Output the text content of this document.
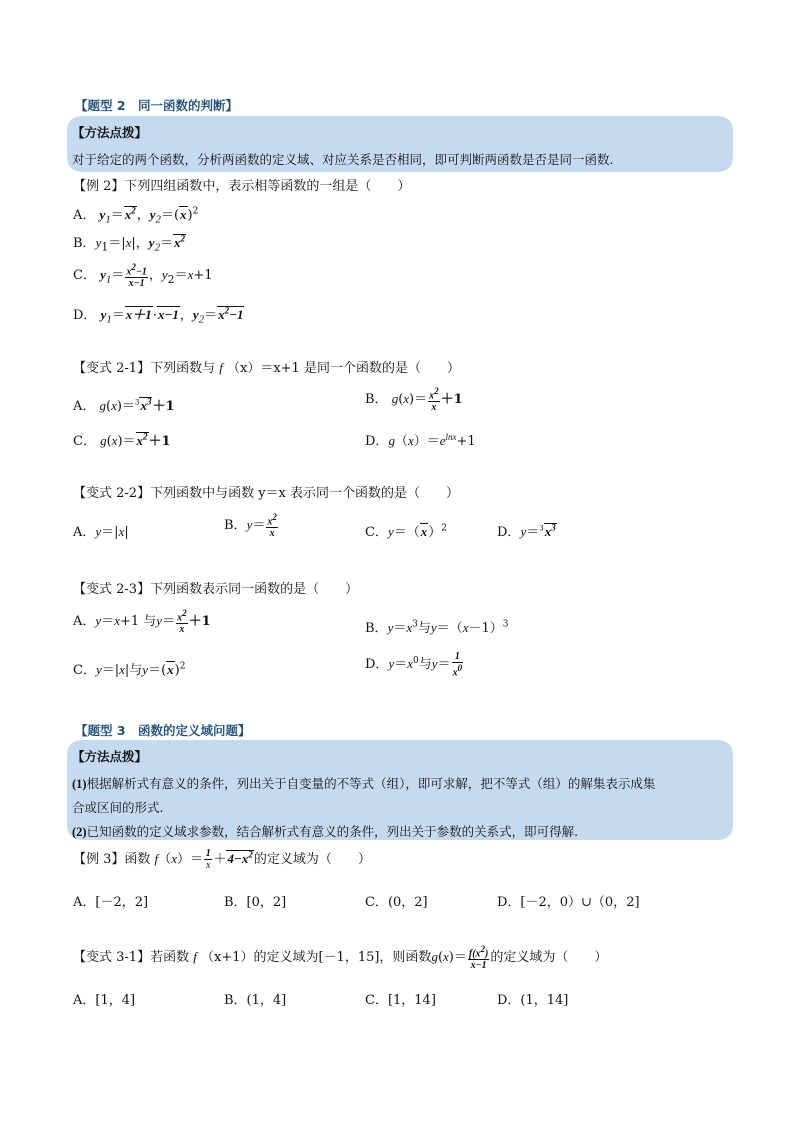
【题型 2　同一函数的判断】
【方法点拨】
对于给定的两个函数，分析两函数的定义域、对应关系是否相同，即可判断两函数是否是同一函数.
【例 2】下列四组函数中，表示相等函数的一组是（　　）
A． $y_1=x^2$，$y_2=(x)^2$
B．$y_1=|x|$，$y_2=x^2$
C． $y_1= \frac{x^2-1}{x-1}$ ，$y_2=x+1$
D． $y_1=x+1\cdot x-1$，$y_2=x^2-1$
【变式 2-1】下列函数与 f （x）＝x+1 是同一个函数的是（　　）
A． $g(x)=^3x^3+1$	B． $g(x)= \frac{x^2}{x} +1$
C． $g(x)=x^2+1$	D．$g(x)=e^{lnx}+1$
【变式 2-2】下列函数中与函数 y＝x 表示同一个函数的是（　　）
A．y＝|x|	B．$y= \frac{x^2}{x}$	C．$y=(x)^2$	D．$y=^3x^3$
【变式 2-3】下列函数表示同一函数的是（　　）
A．y＝x+1 与$y= \frac{x^2}{x} +1$	B．$y=x^3$与$y=(x-1)^3$
C．y＝|x|与$y=(x)^2$	D．$y=x^0$与$y= \frac{1}{x^0}$
【题型 3　函数的定义域问题】
【方法点拨】
(1)根据解析式有意义的条件，列出关于自变量的不等式（组），即可求解，把不等式（组）的解集表示成集
合或区间的形式.
(2)已知函数的定义域求参数，结合解析式有意义的条件，列出关于参数的关系式，即可得解.
【例 3】函数 $f(x)= \frac{1}{x} +4-x^2$的定义域为（　　）
A．[－2，2]	B．[0，2]	C．(0，2]	D．[－2，0）∪（0，2]
【变式 3-1】若函数 f （x+1）的定义域为[－1，15]，则函数$g(x)= \frac{f(x^2)}{x-1}$ 的定义域为（　　）
A．[1，4]	B．(1，4]	C．[1，14]	D．(1，14]
